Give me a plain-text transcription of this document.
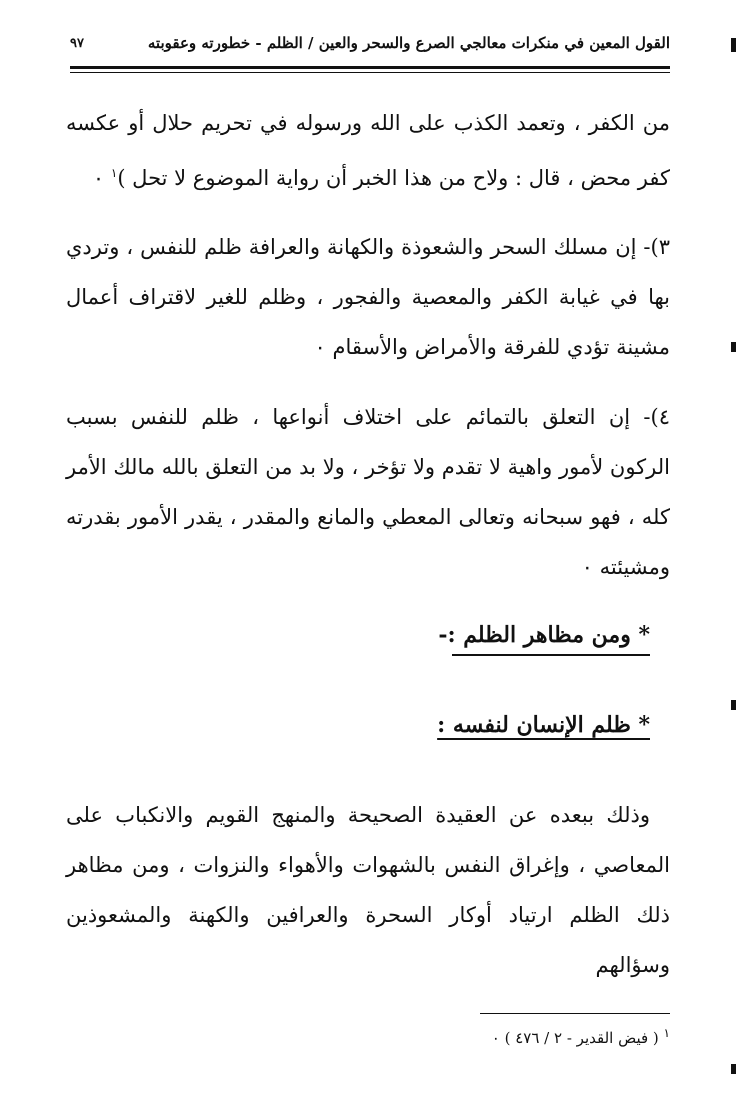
القول المعين في منكرات معالجي الصرع والسحر والعين / الظلم - خطورته وعقوبته
٩٧

من الكفر ، وتعمد الكذب على الله ورسوله في تحريم حلال أو عكسه كفر محض ، قال : ولاح من هذا الخبر أن رواية الموضوع لا تحل )$^١$ ٠

٣)- إن مسلك السحر والشعوذة والكهانة والعرافة ظلم للنفس ، وتردي بها في غيابة الكفر والمعصية والفجور ، وظلم للغير لاقتراف أعمال مشينة تؤدي للفرقة والأمراض والأسقام ٠

٤)- إن التعلق بالتمائم على اختلاف أنواعها ، ظلم للنفس بسبب الركون لأمور واهية لا تقدم ولا تؤخر ، ولا بد من التعلق بالله مالك الأمر كله ، فهو سبحانه وتعالى المعطي والمانع والمقدر ، يقدر الأمور بقدرته ومشيئته ٠

* ومن مظاهر الظلم :-
* ظلم الإنسان لنفسه :

وذلك ببعده عن العقيدة الصحيحة والمنهج القويم والانكباب على المعاصي ، وإغراق النفس بالشهوات والأهواء والنزوات ، ومن مظاهر ذلك الظلم ارتياد أوكار السحرة والعرافين والكهنة والمشعوذين وسؤالهم

$^١$ ( فيض القدير - ٢ / ٤٧٦ ) ٠
